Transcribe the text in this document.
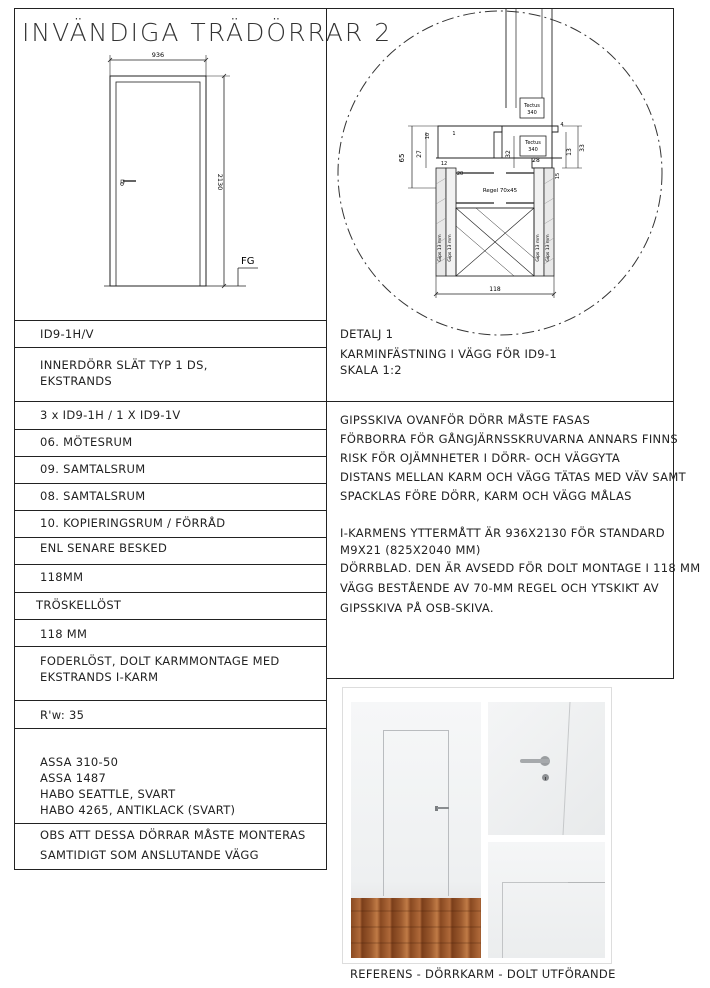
INVÄNDIGA TRÄDÖRRAR 2
936
2130
FG
ID9-1H/V
INNERDÖRR SLÄT TYP 1 DS,
EKSTRANDS
3 x ID9-1H / 1 X ID9-1V
06. MÖTESRUM
09. SAMTALSRUM
08. SAMTALSRUM
10. KOPIERINGSRUM / FÖRRÅD
ENL SENARE BESKED
118MM
TRÖSKELLÖST
118 MM
FODERLÖST, DOLT KARMMONTAGE MED
EKSTRANDS I-KARM
R'w: 35
ASSA 310-50
ASSA 1487
HABO SEATTLE, SVART
HABO 4265, ANTIKLACK (SVART)
OBS ATT DESSA DÖRRAR MÅSTE MONTERAS
SAMTIDIGT SOM ANSLUTANDE VÄGG
Tectus
340
Tectus
340
Regel 70x45
Gips 13 mm Gips 13 mm	Gips 13 mm Gips 13 mm
118
65 27
10	1
12
20
32
28
4
13
33
15
DETALJ 1
KARMINFÄSTNING I VÄGG FÖR ID9-1
SKALA 1:2
GIPSSKIVA OVANFÖR DÖRR MÅSTE FASAS
FÖRBORRA FÖR GÅNGJÄRNSSKRUVARNA ANNARS FINNS
RISK FÖR OJÄMNHETER I DÖRR- OCH VÄGGYTA
DISTANS MELLAN KARM OCH VÄGG TÄTAS MED VÄV SAMT
SPACKLAS FÖRE DÖRR, KARM OCH VÄGG MÅLAS
I-KARMENS YTTERMÅTT ÄR 936X2130 FÖR STANDARD
M9X21 (825X2040 MM)
DÖRRBLAD. DEN ÄR AVSEDD FÖR DOLT MONTAGE I 118 MM
VÄGG BESTÅENDE AV 70-MM REGEL OCH YTSKIKT AV
GIPSSKIVA PÅ OSB-SKIVA.
REFERENS - DÖRRKARM - DOLT UTFÖRANDE
